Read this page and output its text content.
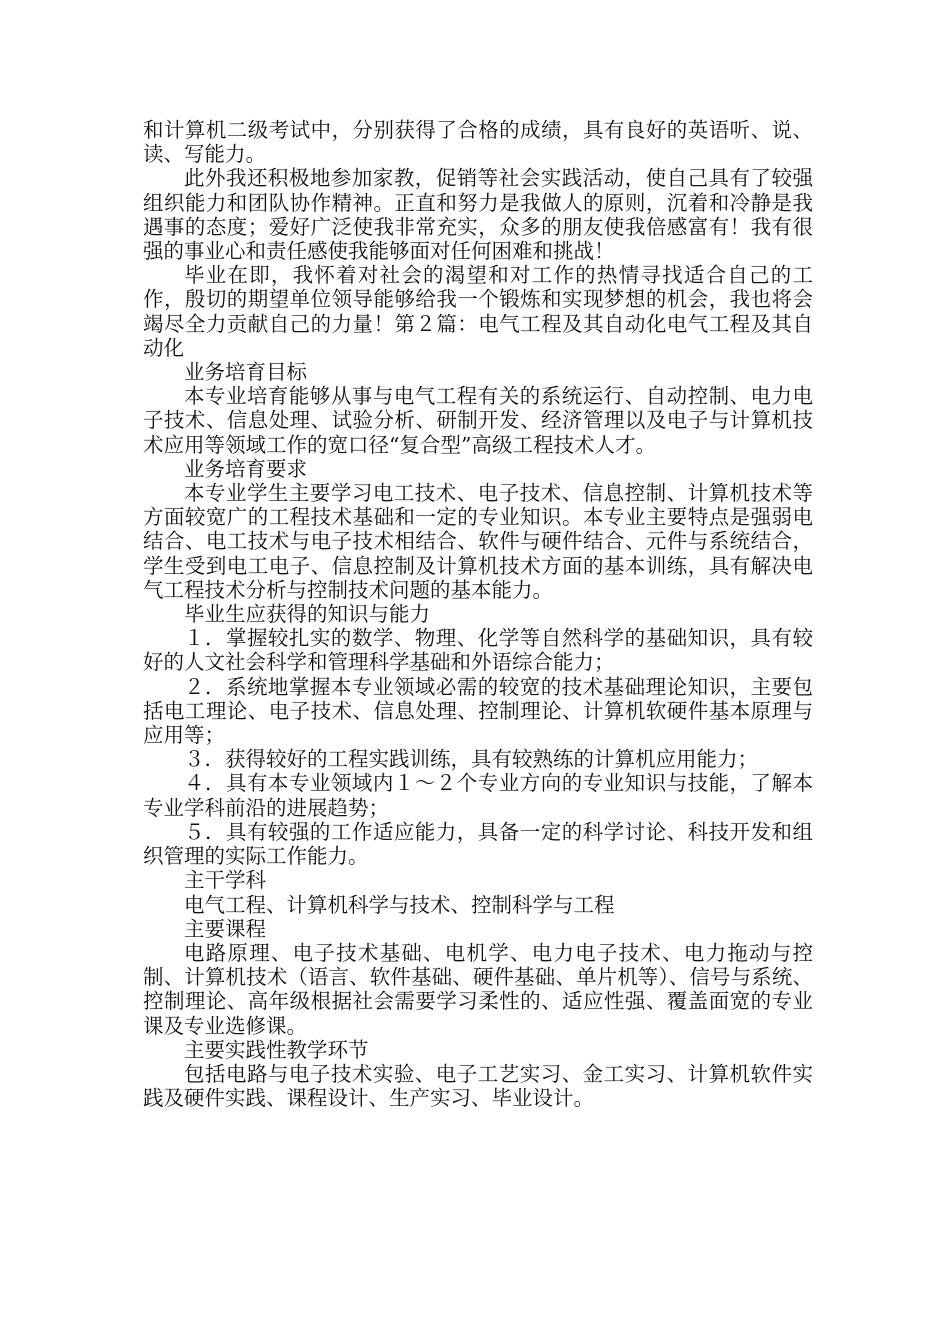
和计算机二级考试中，分别获得了合格的成绩，具有良好的英语听、说、读、写能力。

此外我还积极地参加家教，促销等社会实践活动，使自己具有了较强组织能力和团队协作精神。正直和努力是我做人的原则，沉着和冷静是我遇事的态度；爱好广泛使我非常充实，众多的朋友使我倍感富有！我有很强的事业心和责任感使我能够面对任何困难和挑战！

毕业在即，我怀着对社会的渴望和对工作的热情寻找适合自己的工作，殷切的期望单位领导能够给我一个锻炼和实现梦想的机会，我也将会竭尽全力贡献自己的力量！第２篇：电气工程及其自动化电气工程及其自动化

业务培育目标

本专业培育能够从事与电气工程有关的系统运行、自动控制、电力电子技术、信息处理、试验分析、研制开发、经济管理以及电子与计算机技术应用等领域工作的宽口径“复合型”高级工程技术人才。

业务培育要求

本专业学生主要学习电工技术、电子技术、信息控制、计算机技术等方面较宽广的工程技术基础和一定的专业知识。本专业主要特点是强弱电结合、电工技术与电子技术相结合、软件与硬件结合、元件与系统结合，学生受到电工电子、信息控制及计算机技术方面的基本训练，具有解决电气工程技术分析与控制技术问题的基本能力。

毕业生应获得的知识与能力

１．掌握较扎实的数学、物理、化学等自然科学的基础知识，具有较好的人文社会科学和管理科学基础和外语综合能力；

２．系统地掌握本专业领域必需的较宽的技术基础理论知识，主要包括电工理论、电子技术、信息处理、控制理论、计算机软硬件基本原理与应用等；

３．获得较好的工程实践训练，具有较熟练的计算机应用能力；

４．具有本专业领域内１～２个专业方向的专业知识与技能，了解本专业学科前沿的进展趋势；

５．具有较强的工作适应能力，具备一定的科学讨论、科技开发和组织管理的实际工作能力。

主干学科

电气工程、计算机科学与技术、控制科学与工程

主要课程

电路原理、电子技术基础、电机学、电力电子技术、电力拖动与控制、计算机技术（语言、软件基础、硬件基础、单片机等）、信号与系统、控制理论、高年级根据社会需要学习柔性的、适应性强、覆盖面宽的专业课及专业选修课。

主要实践性教学环节

包括电路与电子技术实验、电子工艺实习、金工实习、计算机软件实践及硬件实践、课程设计、生产实习、毕业设计。
